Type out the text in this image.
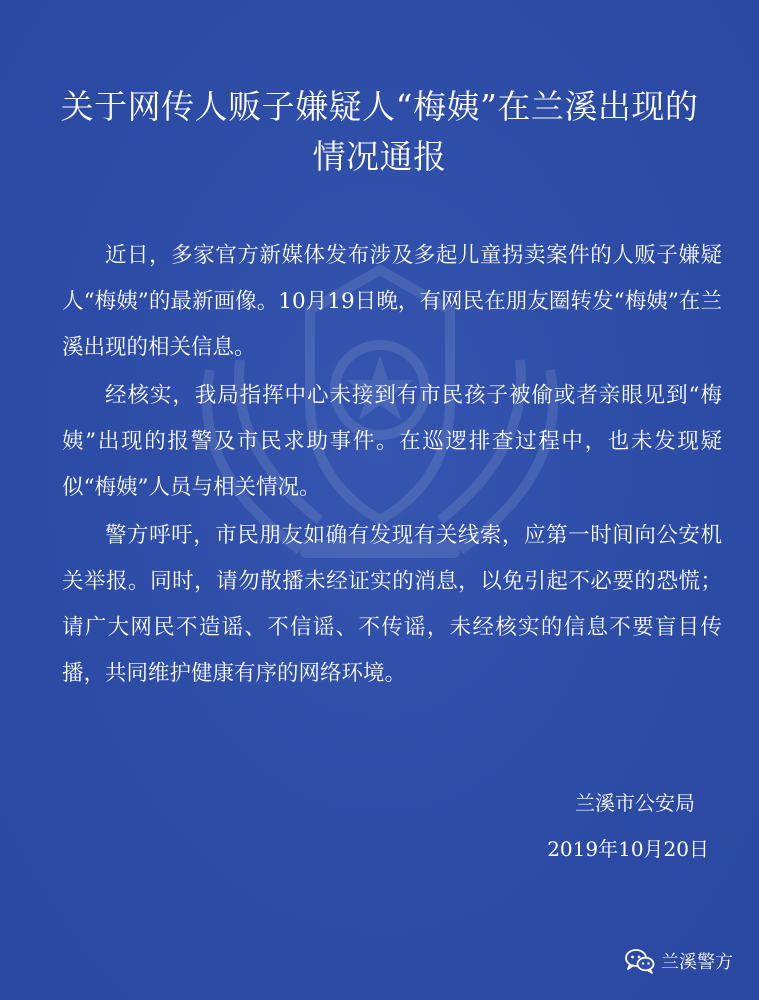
关于网传人贩子嫌疑人“梅姨”在兰溪出现的
情况通报

近日，多家官方新媒体发布涉及多起儿童拐卖案件的人贩子嫌疑人“梅姨”的最新画像。10月19日晚，有网民在朋友圈转发“梅姨”在兰溪出现的相关信息。

经核实，我局指挥中心未接到有市民孩子被偷或者亲眼见到“梅姨”出现的报警及市民求助事件。在巡逻排查过程中，也未发现疑似“梅姨”人员与相关情况。

警方呼吁，市民朋友如确有发现有关线索，应第一时间向公安机关举报。同时，请勿散播未经证实的消息，以免引起不必要的恐慌；请广大网民不造谣、不信谣、不传谣，未经核实的信息不要盲目传播，共同维护健康有序的网络环境。

兰溪市公安局
2019年10月20日
兰溪警方
